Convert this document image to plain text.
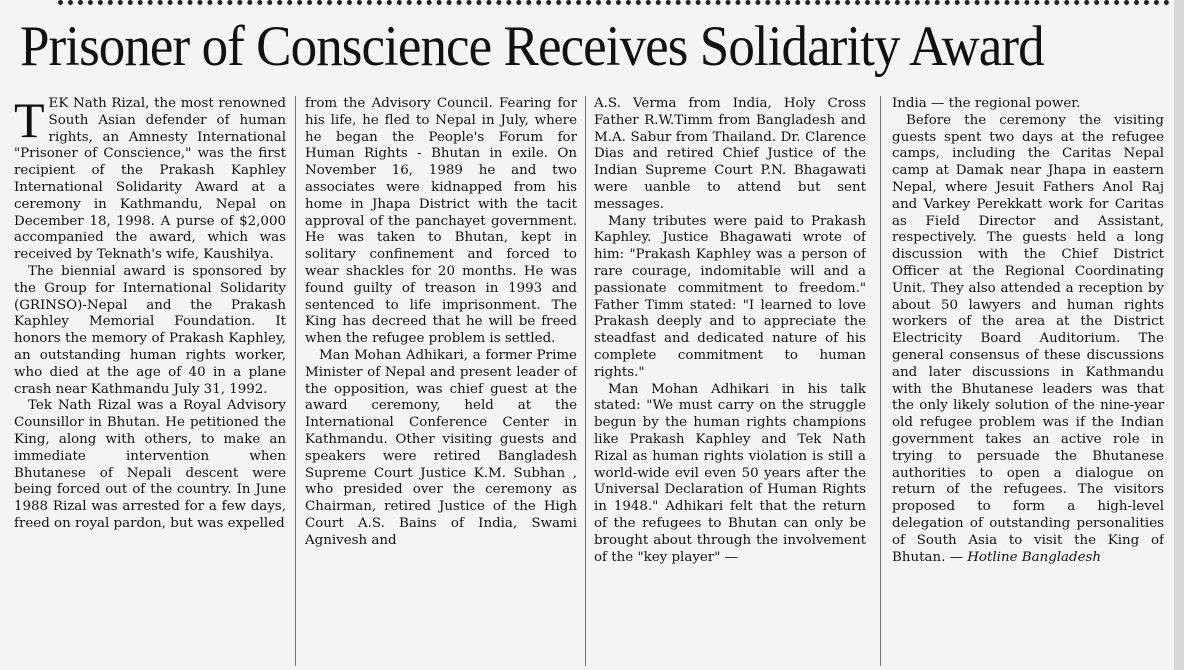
Prisoner of Conscience Receives Solidarity Award

TEK Nath Rizal, the most renowned South Asian defender of human rights, an Amnesty International "Prisoner of Conscience," was the first recipient of the Prakash Kaphley International Solidarity Award at a ceremony in Kathmandu, Nepal on December 18, 1998. A purse of $2,000 accompanied the award, which was received by Teknath's wife, Kaushilya.

The biennial award is sponsored by the Group for International Solidarity (GRINSO)-Nepal and the Prakash Kaphley Memorial Foundation. It honors the memory of Prakash Kaphley, an outstanding human rights worker, who died at the age of 40 in a plane crash near Kathmandu July 31, 1992.

Tek Nath Rizal was a Royal Advisory Counsillor in Bhutan. He petitioned the King, along with others, to make an immediate intervention when Bhutanese of Nepali descent were being forced out of the country. In June 1988 Rizal was arrested for a few days, freed on royal pardon, but was expelled

from the Advisory Council. Fearing for his life, he fled to Nepal in July, where he began the People's Forum for Human Rights - Bhutan in exile. On November 16, 1989 he and two associates were kidnapped from his home in Jhapa District with the tacit approval of the panchayet government. He was taken to Bhutan, kept in solitary confinement and forced to wear shackles for 20 months. He was found guilty of treason in 1993 and sentenced to life imprisonment. The King has decreed that he will be freed when the refugee problem is settled.

Man Mohan Adhikari, a former Prime Minister of Nepal and present leader of the opposition, was chief guest at the award ceremony, held at the International Conference Center in Kathmandu. Other visiting guests and speakers were retired Bangladesh Supreme Court Justice K.M. Subhan , who presided over the ceremony as Chairman, retired Justice of the High Court A.S. Bains of India, Swami Agnivesh and

A.S. Verma from India, Holy Cross Father R.W.Timm from Bangladesh and M.A. Sabur from Thailand. Dr. Clarence Dias and retired Chief Justice of the Indian Supreme Court P.N. Bhagawati were uanble to attend but sent messages.

Many tributes were paid to Prakash Kaphley. Justice Bhagawati wrote of him: "Prakash Kaphley was a person of rare courage, indomitable will and a passionate commitment to freedom." Father Timm stated: "I learned to love Prakash deeply and to appreciate the steadfast and dedicated nature of his complete commitment to human rights."

Man Mohan Adhikari in his talk stated: "We must carry on the struggle begun by the human rights champions like Prakash Kaphley and Tek Nath Rizal as human rights violation is still a world-wide evil even 50 years after the Universal Declaration of Human Rights in 1948." Adhikari felt that the return of the refugees to Bhutan can only be brought about through the involvement of the "key player" —

India — the regional power.

Before the ceremony the visiting guests spent two days at the refugee camps, including the Caritas Nepal camp at Damak near Jhapa in eastern Nepal, where Jesuit Fathers Anol Raj and Varkey Perekkatt work for Caritas as Field Director and Assistant, respectively. The guests held a long discussion with the Chief District Officer at the Regional Coordinating Unit. They also attended a reception by about 50 lawyers and human rights workers of the area at the District Electricity Board Auditorium. The general consensus of these discussions and later discussions in Kathmandu with the Bhutanese leaders was that the only likely solution of the nine-year old refugee problem was if the Indian government takes an active role in trying to persuade the Bhutanese authorities to open a dialogue on return of the refugees. The visitors proposed to form a high-level delegation of outstanding personalities of South Asia to visit the King of Bhutan. — Hotline Bangladesh
